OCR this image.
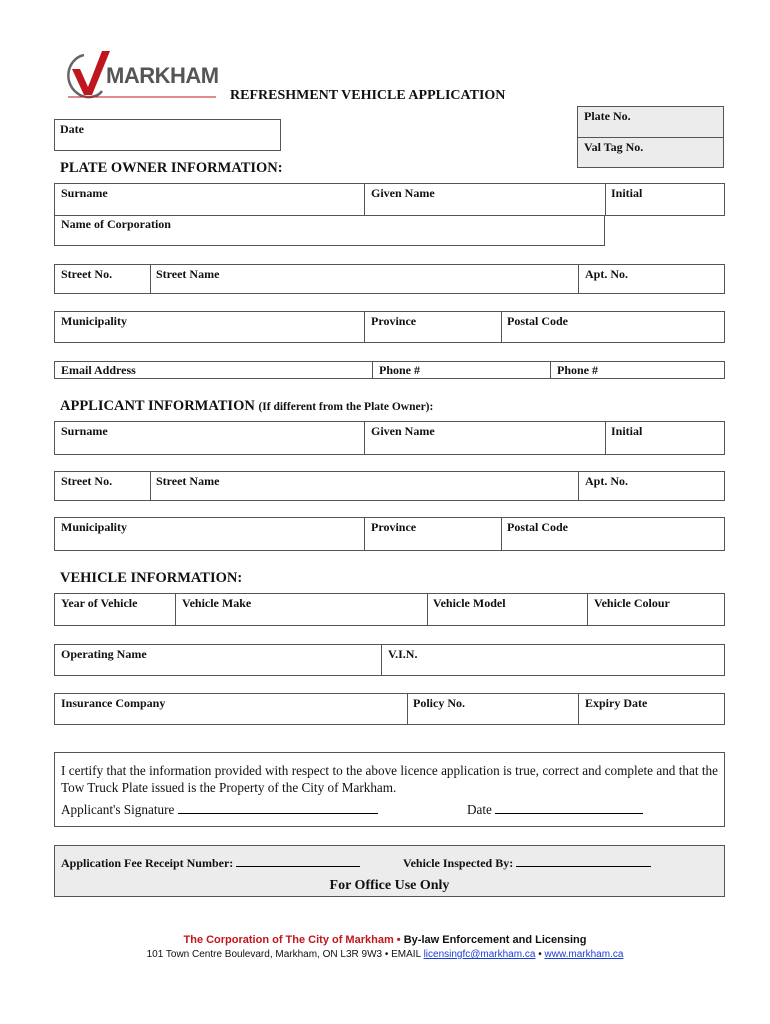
MARKHAM
REFRESHMENT VEHICLE APPLICATION
Date
Plate No.
Val Tag No.
PLATE OWNER INFORMATION:
Surname	Given Name	Initial
Name of Corporation
Street No.	Street Name	Apt. No.
Municipality	Province	Postal Code
Email Address	Phone #	Phone #
APPLICANT INFORMATION (If different from the Plate Owner):
Surname	Given Name	Initial
Street No.	Street Name	Apt. No.
Municipality	Province	Postal Code
VEHICLE INFORMATION:
Year of Vehicle	Vehicle Make	Vehicle Model	Vehicle Colour
Operating Name	V.I.N.
Insurance Company	Policy No.	Expiry Date
I certify that the information provided with respect to the above licence application is true, correct and complete and that the Tow Truck Plate issued is the Property of the City of Markham.
Applicant's Signature	Date
Application Fee Receipt Number:	Vehicle Inspected By:
For Office Use Only
The Corporation of The City of Markham • By-law Enforcement and Licensing
101 Town Centre Boulevard, Markham, ON L3R 9W3 • EMAIL licensingfc@markham.ca • www.markham.ca
